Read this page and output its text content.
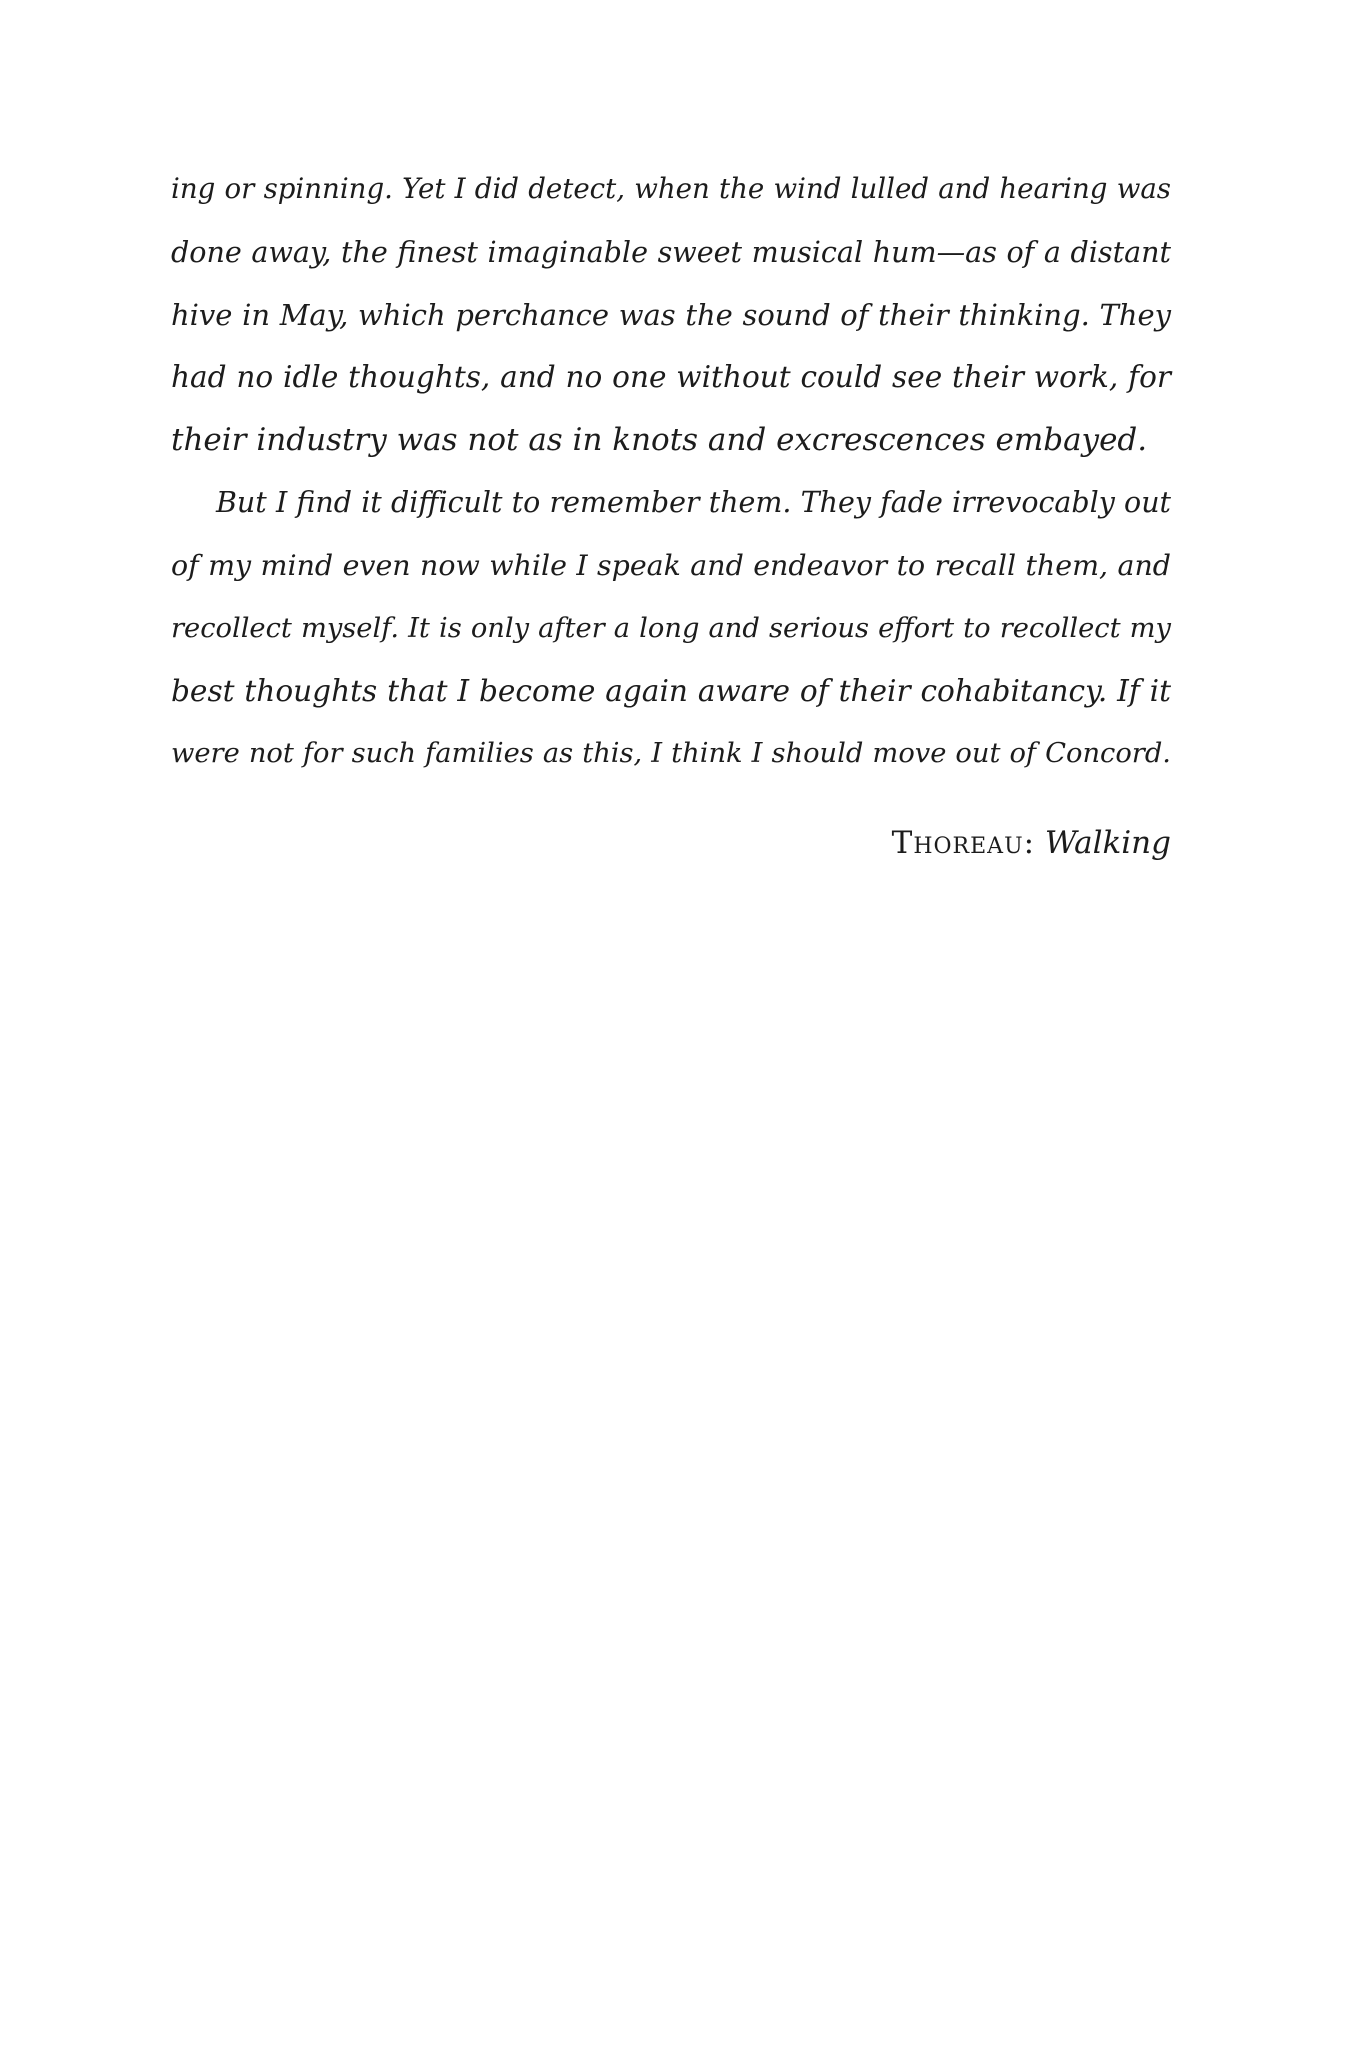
ing or spinning. Yet I did detect, when the wind lulled and hearing was
done away, the finest imaginable sweet musical hum—as of a distant
hive in May, which perchance was the sound of their thinking. They
had no idle thoughts, and no one without could see their work, for
their industry was not as in knots and excrescences embayed.
But I find it difficult to remember them. They fade irrevocably out
of my mind even now while I speak and endeavor to recall them, and
recollect myself. It is only after a long and serious effort to recollect my
best thoughts that I become again aware of their cohabitancy. If it
were not for such families as this, I think I should move out of Concord.
Thoreau: Walking
